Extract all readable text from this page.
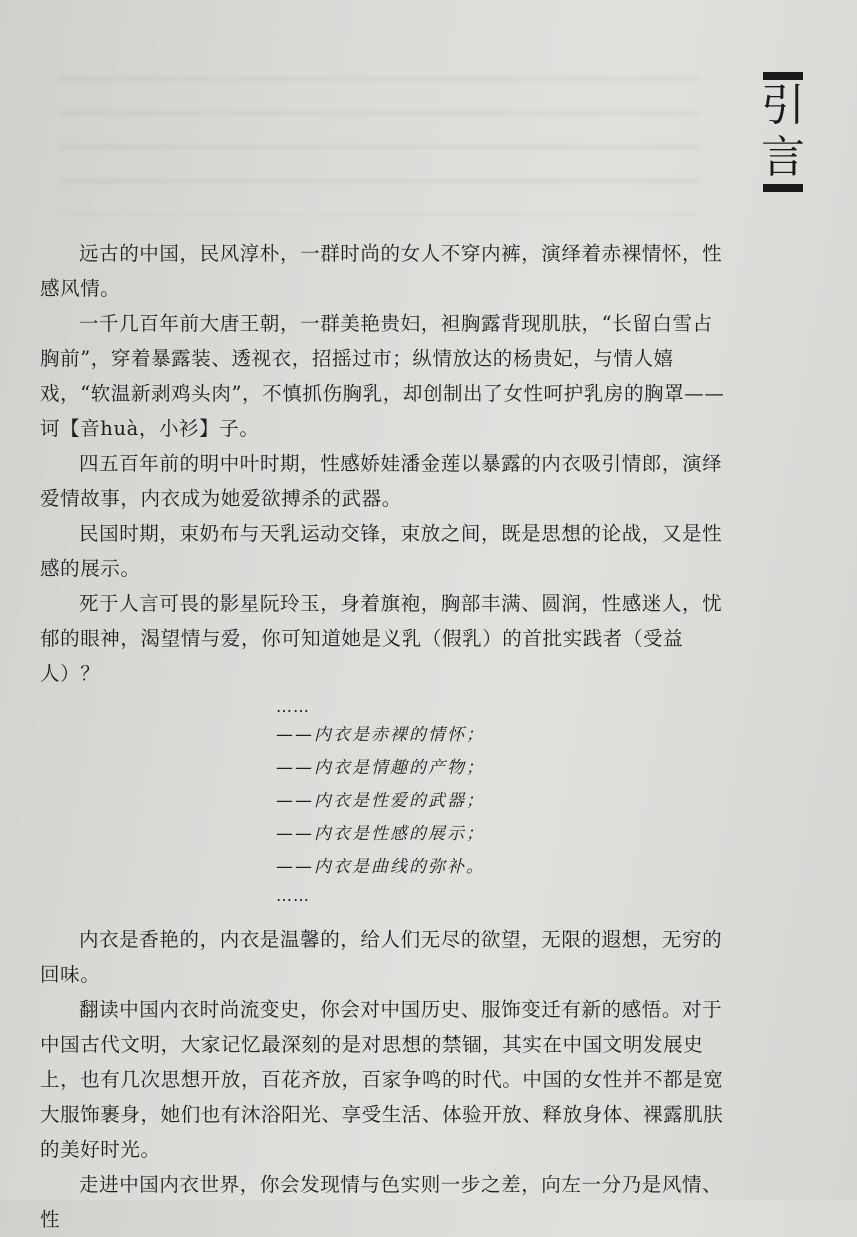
引
言

远古的中国，民风淳朴，一群时尚的女人不穿内裤，演绎着赤裸情怀，性感风情。

一千几百年前大唐王朝，一群美艳贵妇，袒胸露背现肌肤，“长留白雪占胸前”，穿着暴露装、透视衣，招摇过市；纵情放达的杨贵妃，与情人嬉戏，“软温新剥鸡头肉”，不慎抓伤胸乳，却创制出了女性呵护乳房的胸罩——诃【音huà，小衫】子。

四五百年前的明中叶时期，性感娇娃潘金莲以暴露的内衣吸引情郎，演绎爱情故事，内衣成为她爱欲搏杀的武器。

民国时期，束奶布与天乳运动交锋，束放之间，既是思想的论战，又是性感的展示。

死于人言可畏的影星阮玲玉，身着旗袍，胸部丰满、圆润，性感迷人，忧郁的眼神，渴望情与爱，你可知道她是义乳（假乳）的首批实践者（受益人）？

……

——内衣是赤裸的情怀；

——内衣是情趣的产物；

——内衣是性爱的武器；

——内衣是性感的展示；

——内衣是曲线的弥补。

……

内衣是香艳的，内衣是温馨的，给人们无尽的欲望，无限的遐想，无穷的回味。

翻读中国内衣时尚流变史，你会对中国历史、服饰变迁有新的感悟。对于中国古代文明，大家记忆最深刻的是对思想的禁锢，其实在中国文明发展史上，也有几次思想开放，百花齐放，百家争鸣的时代。中国的女性并不都是宽大服饰裹身，她们也有沐浴阳光、享受生活、体验开放、释放身体、裸露肌肤的美好时光。

走进中国内衣世界，你会发现情与色实则一步之差，向左一分乃是风情、性
